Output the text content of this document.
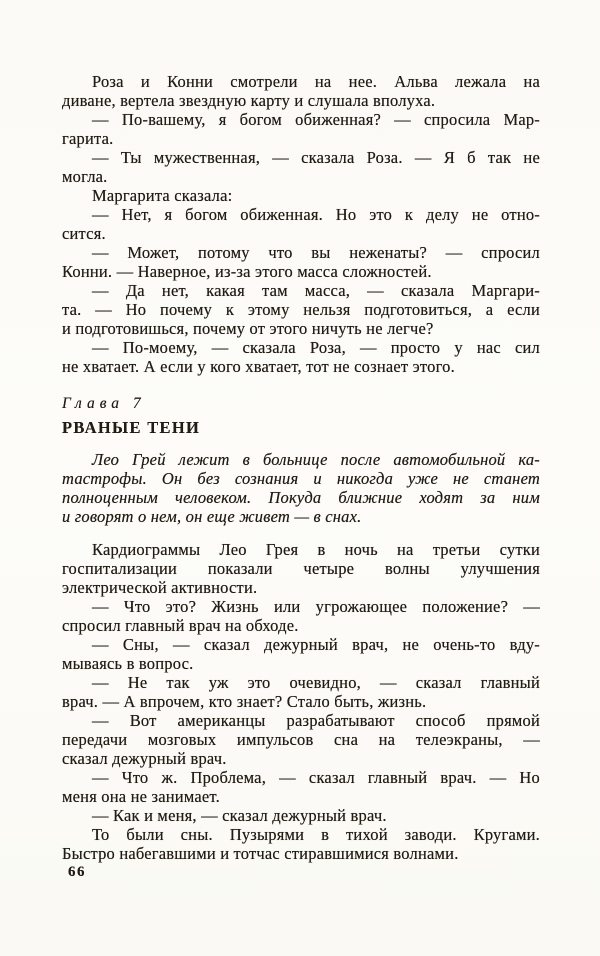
Роза и Конни смотрели на нее. Альва лежала на
диване, вертела звездную карту и слушала вполуха.
— По-вашему, я богом обиженная? — спросила Мар-
гарита.
— Ты мужественная, — сказала Роза. — Я б так не
могла.
Маргарита сказала:
— Нет, я богом обиженная. Но это к делу не отно-
сится.
— Может, потому что вы неженаты? — спросил
Конни. — Наверное, из-за этого масса сложностей.
— Да нет, какая там масса, — сказала Маргари-
та. — Но почему к этому нельзя подготовиться, а если
и подготовишься, почему от этого ничуть не легче?
— По-моему, — сказала Роза, — просто у нас сил
не хватает. А если у кого хватает, тот не сознает этого.
Глава 7
РВАНЫЕ ТЕНИ
Лео Грей лежит в больнице после автомобильной ка-
тастрофы. Он без сознания и никогда уже не станет
полноценным человеком. Покуда ближние ходят за ним
и говорят о нем, он еще живет — в снах.
Кардиограммы Лео Грея в ночь на третьи сутки
госпитализации показали четыре волны улучшения
электрической активности.
— Что это? Жизнь или угрожающее положение? —
спросил главный врач на обходе.
— Сны, — сказал дежурный врач, не очень-то вду-
мываясь в вопрос.
— Не так уж это очевидно, — сказал главный
врач. — А впрочем, кто знает? Стало быть, жизнь.
— Вот американцы разрабатывают способ прямой
передачи мозговых импульсов сна на телеэкраны, —
сказал дежурный врач.
— Что ж. Проблема, — сказал главный врач. — Но
меня она не занимает.
— Как и меня, — сказал дежурный врач.
То были сны. Пузырями в тихой заводи. Кругами.
Быстро набегавшими и тотчас стиравшимися волнами.
66
